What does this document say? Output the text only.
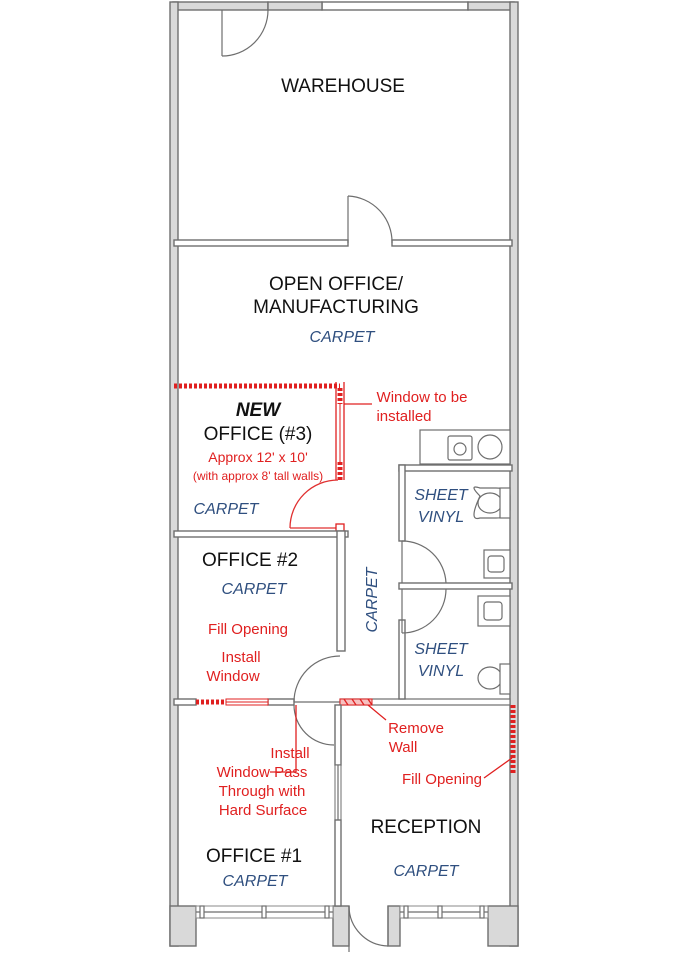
WAREHOUSE
OPEN OFFICE/
MANUFACTURING
CARPET
NEW
OFFICE (#3)
Approx 12' x 10'
(with approx 8' tall walls)
CARPET
Window to be
installed
SHEET
VINYL
OFFICE #2
CARPET	CARPET
Fill Opening
Install
Window
SHEET
VINYL
Remove
Wall
Install
Window Pass
Through with
Hard Surface
Fill Opening
RECEPTION
CARPET
OFFICE #1
CARPET
